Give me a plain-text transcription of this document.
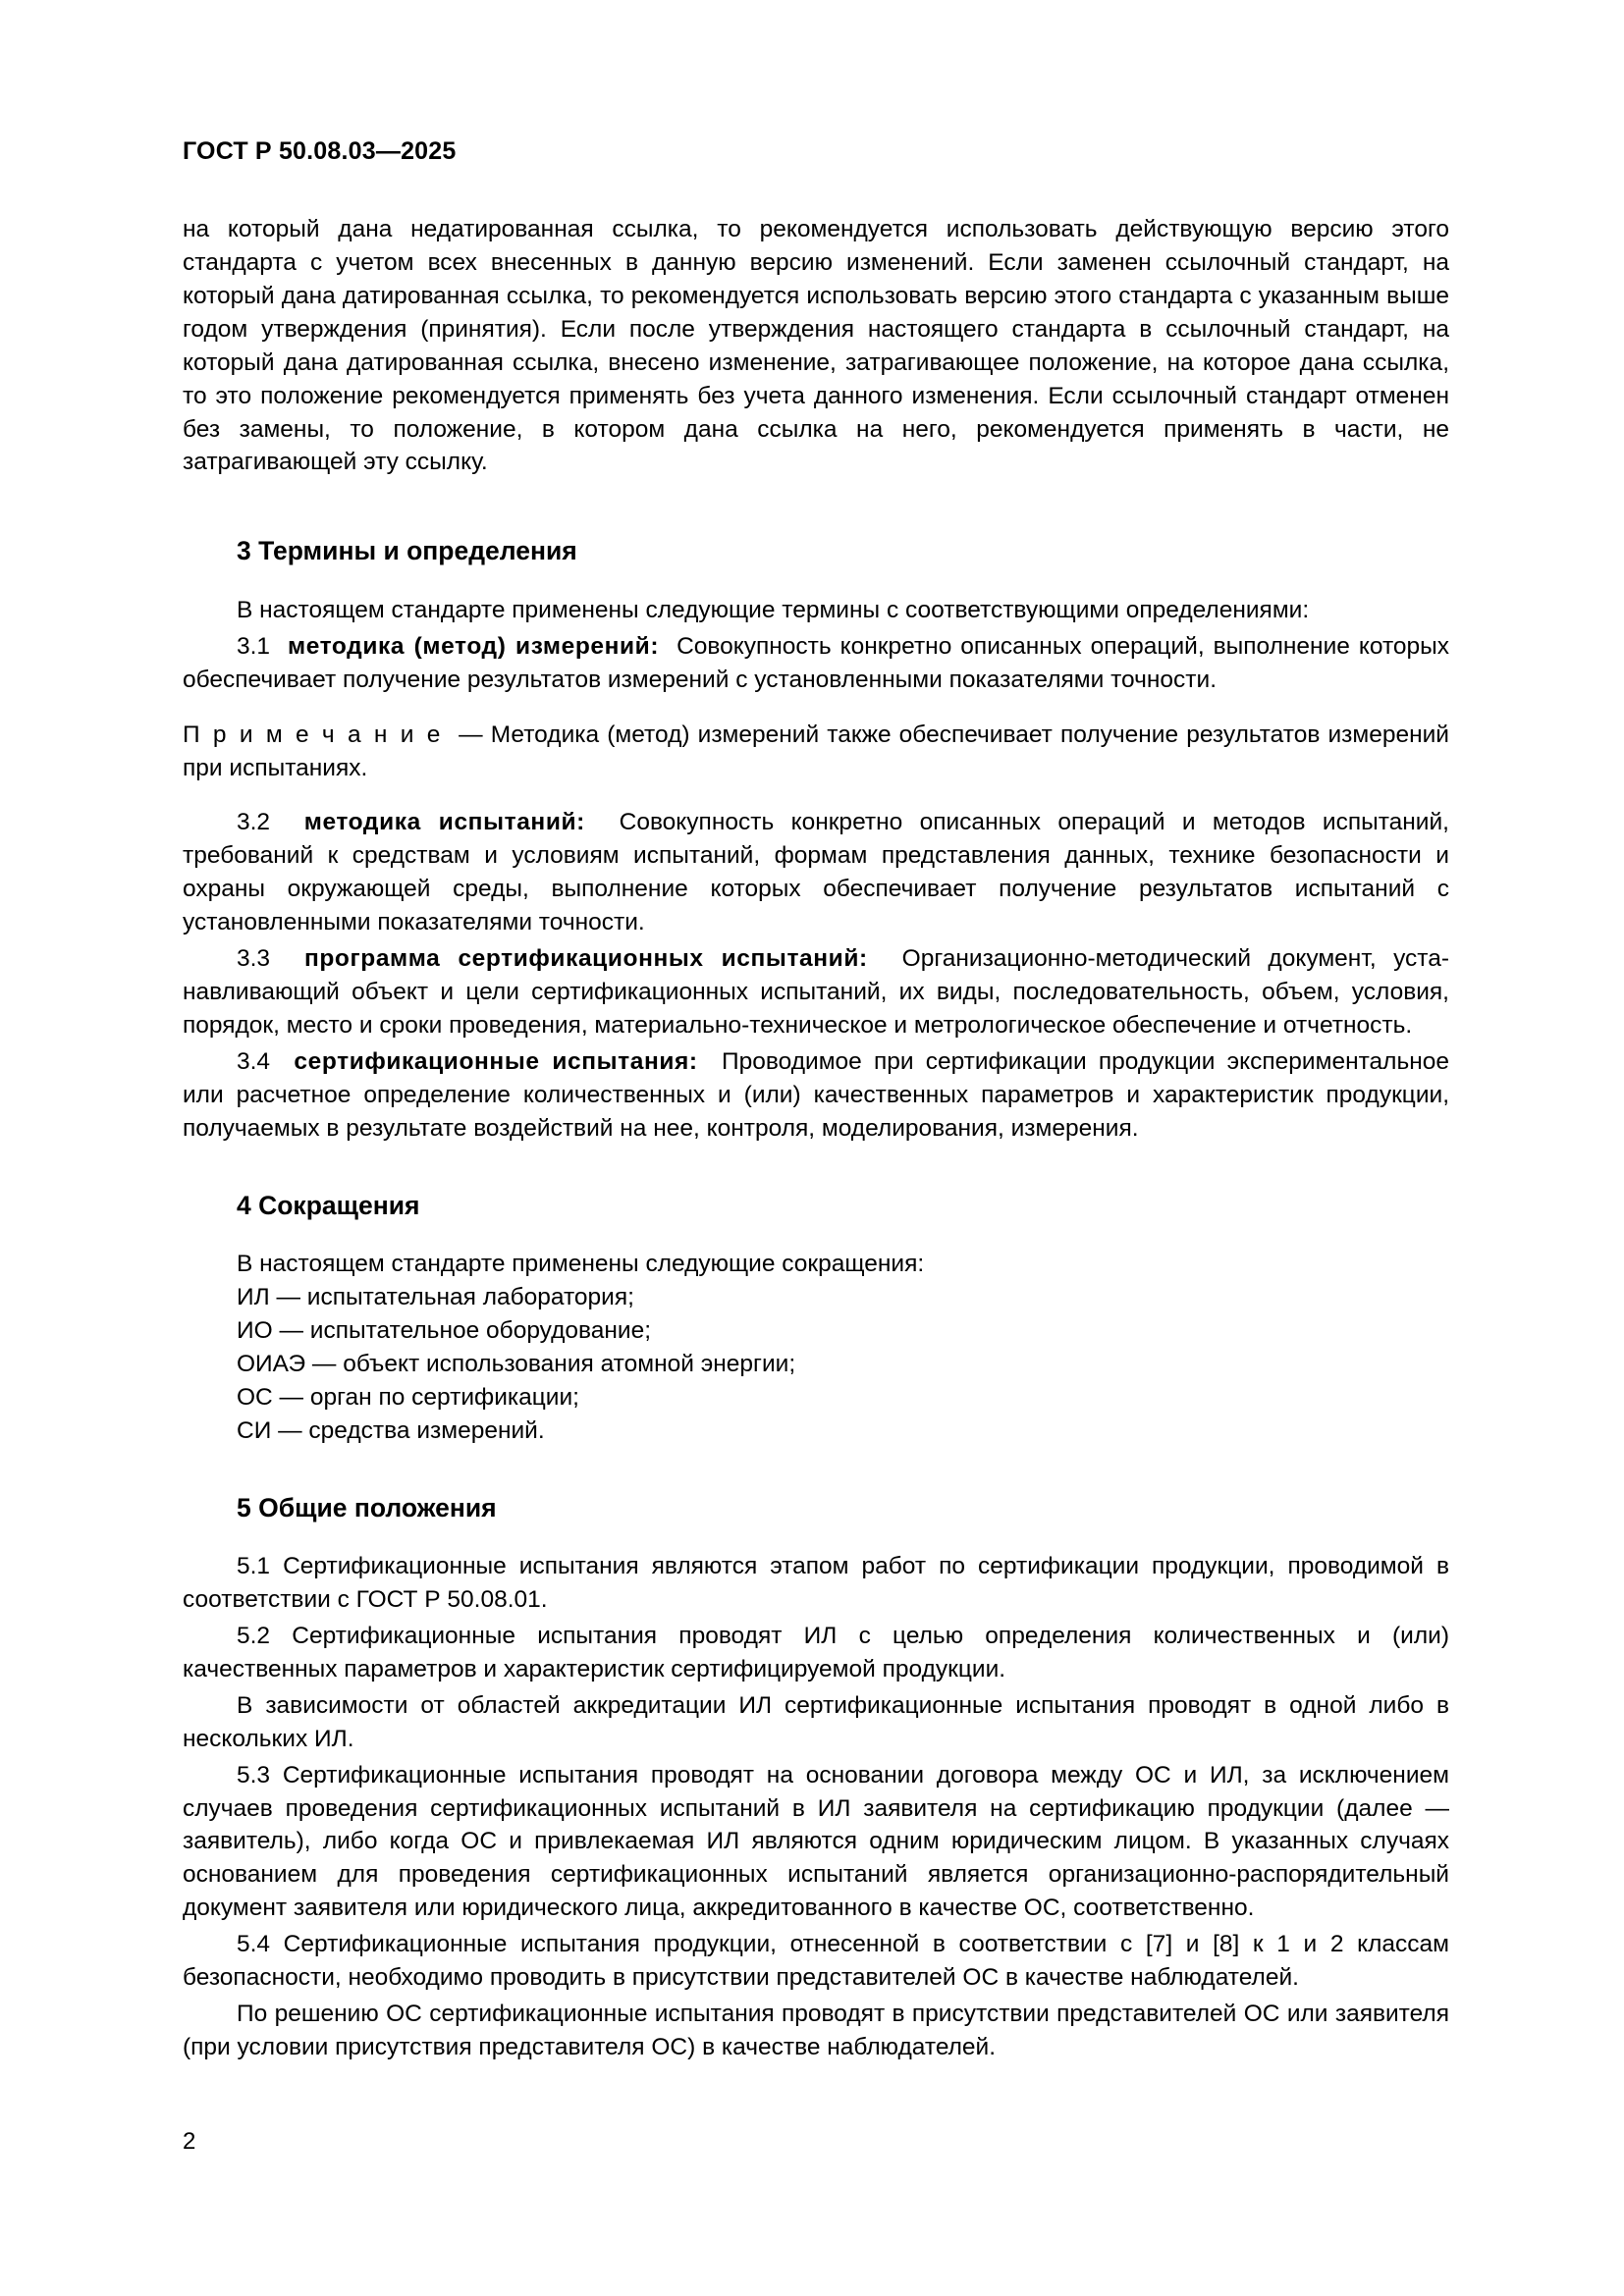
ГОСТ Р 50.08.03—2025

на который дана недатированная ссылка, то рекомендуется использовать действующую версию этого стандарта с учетом всех внесенных в данную версию изменений. Если заменен ссылочный стандарт, на который дана датированная ссылка, то рекомендуется использовать версию этого стандарта с указанным выше годом утверждения (принятия). Если после утверждения настоящего стандарта в ссылочный стандарт, на который дана датированная ссылка, внесено изменение, затрагивающее положение, на которое дана ссылка, то это положение рекомендуется применять без учета данного изменения. Если ссылочный стандарт отменен без замены, то положение, в котором дана ссылка на него, рекомендуется применять в части, не затрагивающей эту ссылку.

3 Термины и определения

В настоящем стандарте применены следующие термины с соответствующими определениями:

3.1 методика (метод) измерений: Совокупность конкретно описанных операций, выполнение которых обеспечивает получение результатов измерений с установленными показателями точности.

П р и м е ч а н и е — Методика (метод) измерений также обеспечивает получение результатов измерений при испытаниях.

3.2 методика испытаний: Совокупность конкретно описанных операций и методов испытаний, требований к средствам и условиям испытаний, формам представления данных, технике безопасности и охраны окружающей среды, выполнение которых обеспечивает получение результатов испытаний с установленными показателями точности.

3.3 программа сертификационных испытаний: Организационно-методический документ, устанавливающий объект и цели сертификационных испытаний, их виды, последовательность, объем, условия, порядок, место и сроки проведения, материально-техническое и метрологическое обеспечение и отчетность.

3.4 сертификационные испытания: Проводимое при сертификации продукции экспериментальное или расчетное определение количественных и (или) качественных параметров и характеристик продукции, получаемых в результате воздействий на нее, контроля, моделирования, измерения.

4 Сокращения

В настоящем стандарте применены следующие сокращения:

ИЛ — испытательная лаборатория;
ИО — испытательное оборудование;
ОИАЭ — объект использования атомной энергии;
ОС — орган по сертификации;
СИ — средства измерений.
5 Общие положения

5.1 Сертификационные испытания являются этапом работ по сертификации продукции, проводимой в соответствии с ГОСТ Р 50.08.01.

5.2 Сертификационные испытания проводят ИЛ с целью определения количественных и (или) качественных параметров и характеристик сертифицируемой продукции.

В зависимости от областей аккредитации ИЛ сертификационные испытания проводят в одной либо в нескольких ИЛ.

5.3 Сертификационные испытания проводят на основании договора между ОС и ИЛ, за исключением случаев проведения сертификационных испытаний в ИЛ заявителя на сертификацию продукции (далее — заявитель), либо когда ОС и привлекаемая ИЛ являются одним юридическим лицом. В указанных случаях основанием для проведения сертификационных испытаний является организационно-распорядительный документ заявителя или юридического лица, аккредитованного в качестве ОС, соответственно.

5.4 Сертификационные испытания продукции, отнесенной в соответствии с [7] и [8] к 1 и 2 классам безопасности, необходимо проводить в присутствии представителей ОС в качестве наблюдателей.

По решению ОС сертификационные испытания проводят в присутствии представителей ОС или заявителя (при условии присутствия представителя ОС) в качестве наблюдателей.

2
